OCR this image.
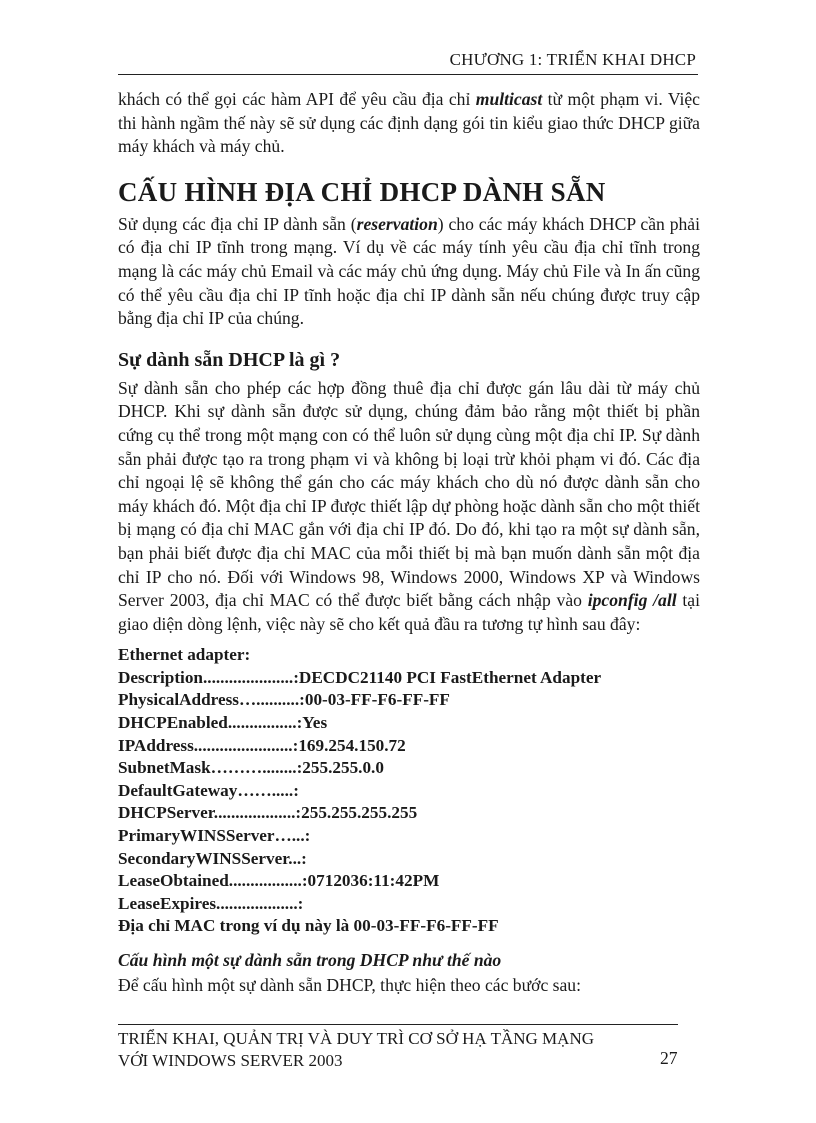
CHƯƠNG 1: TRIỂN KHAI DHCP

khách có thể gọi các hàm API để yêu cầu địa chỉ multicast từ một phạm vi. Việc thi hành ngầm thế này sẽ sử dụng các định dạng gói tin kiểu giao thức DHCP giữa máy khách và máy chủ.

CẤU HÌNH ĐỊA CHỈ DHCP DÀNH SẴN

Sử dụng các địa chỉ IP dành sẵn (reservation) cho các máy khách DHCP cần phải có địa chỉ IP tĩnh trong mạng. Ví dụ về các máy tính yêu cầu địa chỉ tĩnh trong mạng là các máy chủ Email và các máy chủ ứng dụng. Máy chủ File và In ấn cũng có thể yêu cầu địa chỉ IP tĩnh hoặc địa chỉ IP dành sẵn nếu chúng được truy cập bằng địa chỉ IP của chúng.

Sự dành sẵn DHCP là gì ?

Sự dành sẵn cho phép các hợp đồng thuê địa chỉ được gán lâu dài từ máy chủ DHCP. Khi sự dành sẵn được sử dụng, chúng đảm bảo rằng một thiết bị phần cứng cụ thể trong một mạng con có thể luôn sử dụng cùng một địa chỉ IP. Sự dành sẵn phải được tạo ra trong phạm vi và không bị loại trừ khỏi phạm vi đó. Các địa chỉ ngoại lệ sẽ không thể gán cho các máy khách cho dù nó được dành sẵn cho máy khách đó. Một địa chỉ IP được thiết lập dự phòng hoặc dành sẵn cho một thiết bị mạng có địa chỉ MAC gắn với địa chỉ IP đó. Do đó, khi tạo ra một sự dành sẵn, bạn phải biết được địa chỉ MAC của mỗi thiết bị mà bạn muốn dành sẵn một địa chỉ IP cho nó. Đối với Windows 98, Windows 2000, Windows XP và Windows Server 2003, địa chỉ MAC có thể được biết bằng cách nhập vào ipconfig /all tại giao diện dòng lệnh, việc này sẽ cho kết quả đầu ra tương tự hình sau đây:

Ethernet adapter:
Description.....................:DECDC21140 PCI FastEthernet Adapter
PhysicalAddress…..........:00-03-FF-F6-FF-FF
DHCPEnabled................:Yes
IPAddress.......................:169.254.150.72
SubnetMask………........:255.255.0.0
DefaultGateway…….....:
DHCPServer...................:255.255.255.255
PrimaryWINSServer…...:
SecondaryWINSServer...:
LeaseObtained.................:0712036:11:42PM
LeaseExpires...................:
Địa chỉ MAC trong ví dụ này là 00-03-FF-F6-FF-FF
Cấu hình một sự dành sẵn trong DHCP như thế nào

Để cấu hình một sự dành sẵn DHCP, thực hiện theo các bước sau:

TRIỂN KHAI, QUẢN TRỊ VÀ DUY TRÌ CƠ SỞ HẠ TẦNG MẠNG
VỚI WINDOWS SERVER 2003	27
